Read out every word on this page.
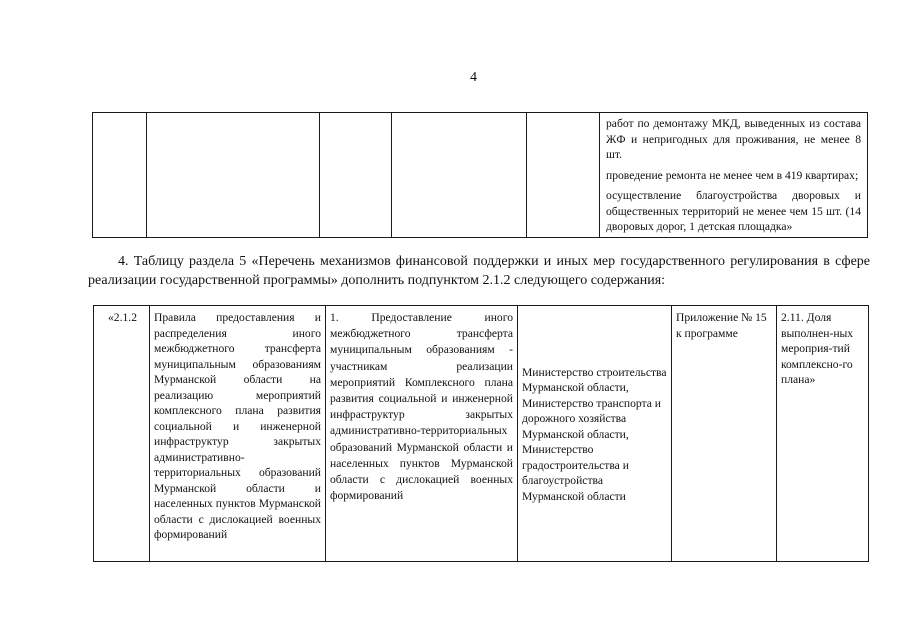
4

работ по демонтажу МКД, выведенных из состава ЖФ и непригодных для проживания, не менее 8 шт.
проведение ремонта не менее чем в 419 квартирах;
осуществление благоустройства дворовых и общественных территорий не менее чем 15 шт. (14 дворовых дорог, 1 детская площадка»
4. Таблицу раздела 5 «Перечень механизмов финансовой поддержки и иных мер государственного регулирования в сфере реализации государственной программы» дополнить подпунктом 2.1.2 следующего содержания:
«2.1.2	Правила предоставления и распределения иного межбюджетного трансферта муниципальным образованиям Мурманской области на реализацию мероприятий комплексного плана развития социальной и инженерной инфраструктур закрытых административно-территориальных образований Мурманской области и населенных пунктов Мурманской области с дислокацией военных формирований

1. Предоставление иного межбюджетного трансферта муниципальным образованиям - участникам реализации мероприятий Комплексного плана развития социальной и инженерной инфраструктур закрытых административно-территориальных образований Мурманской области и населенных пунктов Мурманской области с дислокацией военных формирований

Министерство строительства Мурманской области, Министерство транспорта и дорожного хозяйства Мурманской области, Министерство градостроительства и благоустройства Мурманской области

Приложение № 15 к программе

2.11. Доля выполнен-ных мероприя-тий комплексно-го плана»
